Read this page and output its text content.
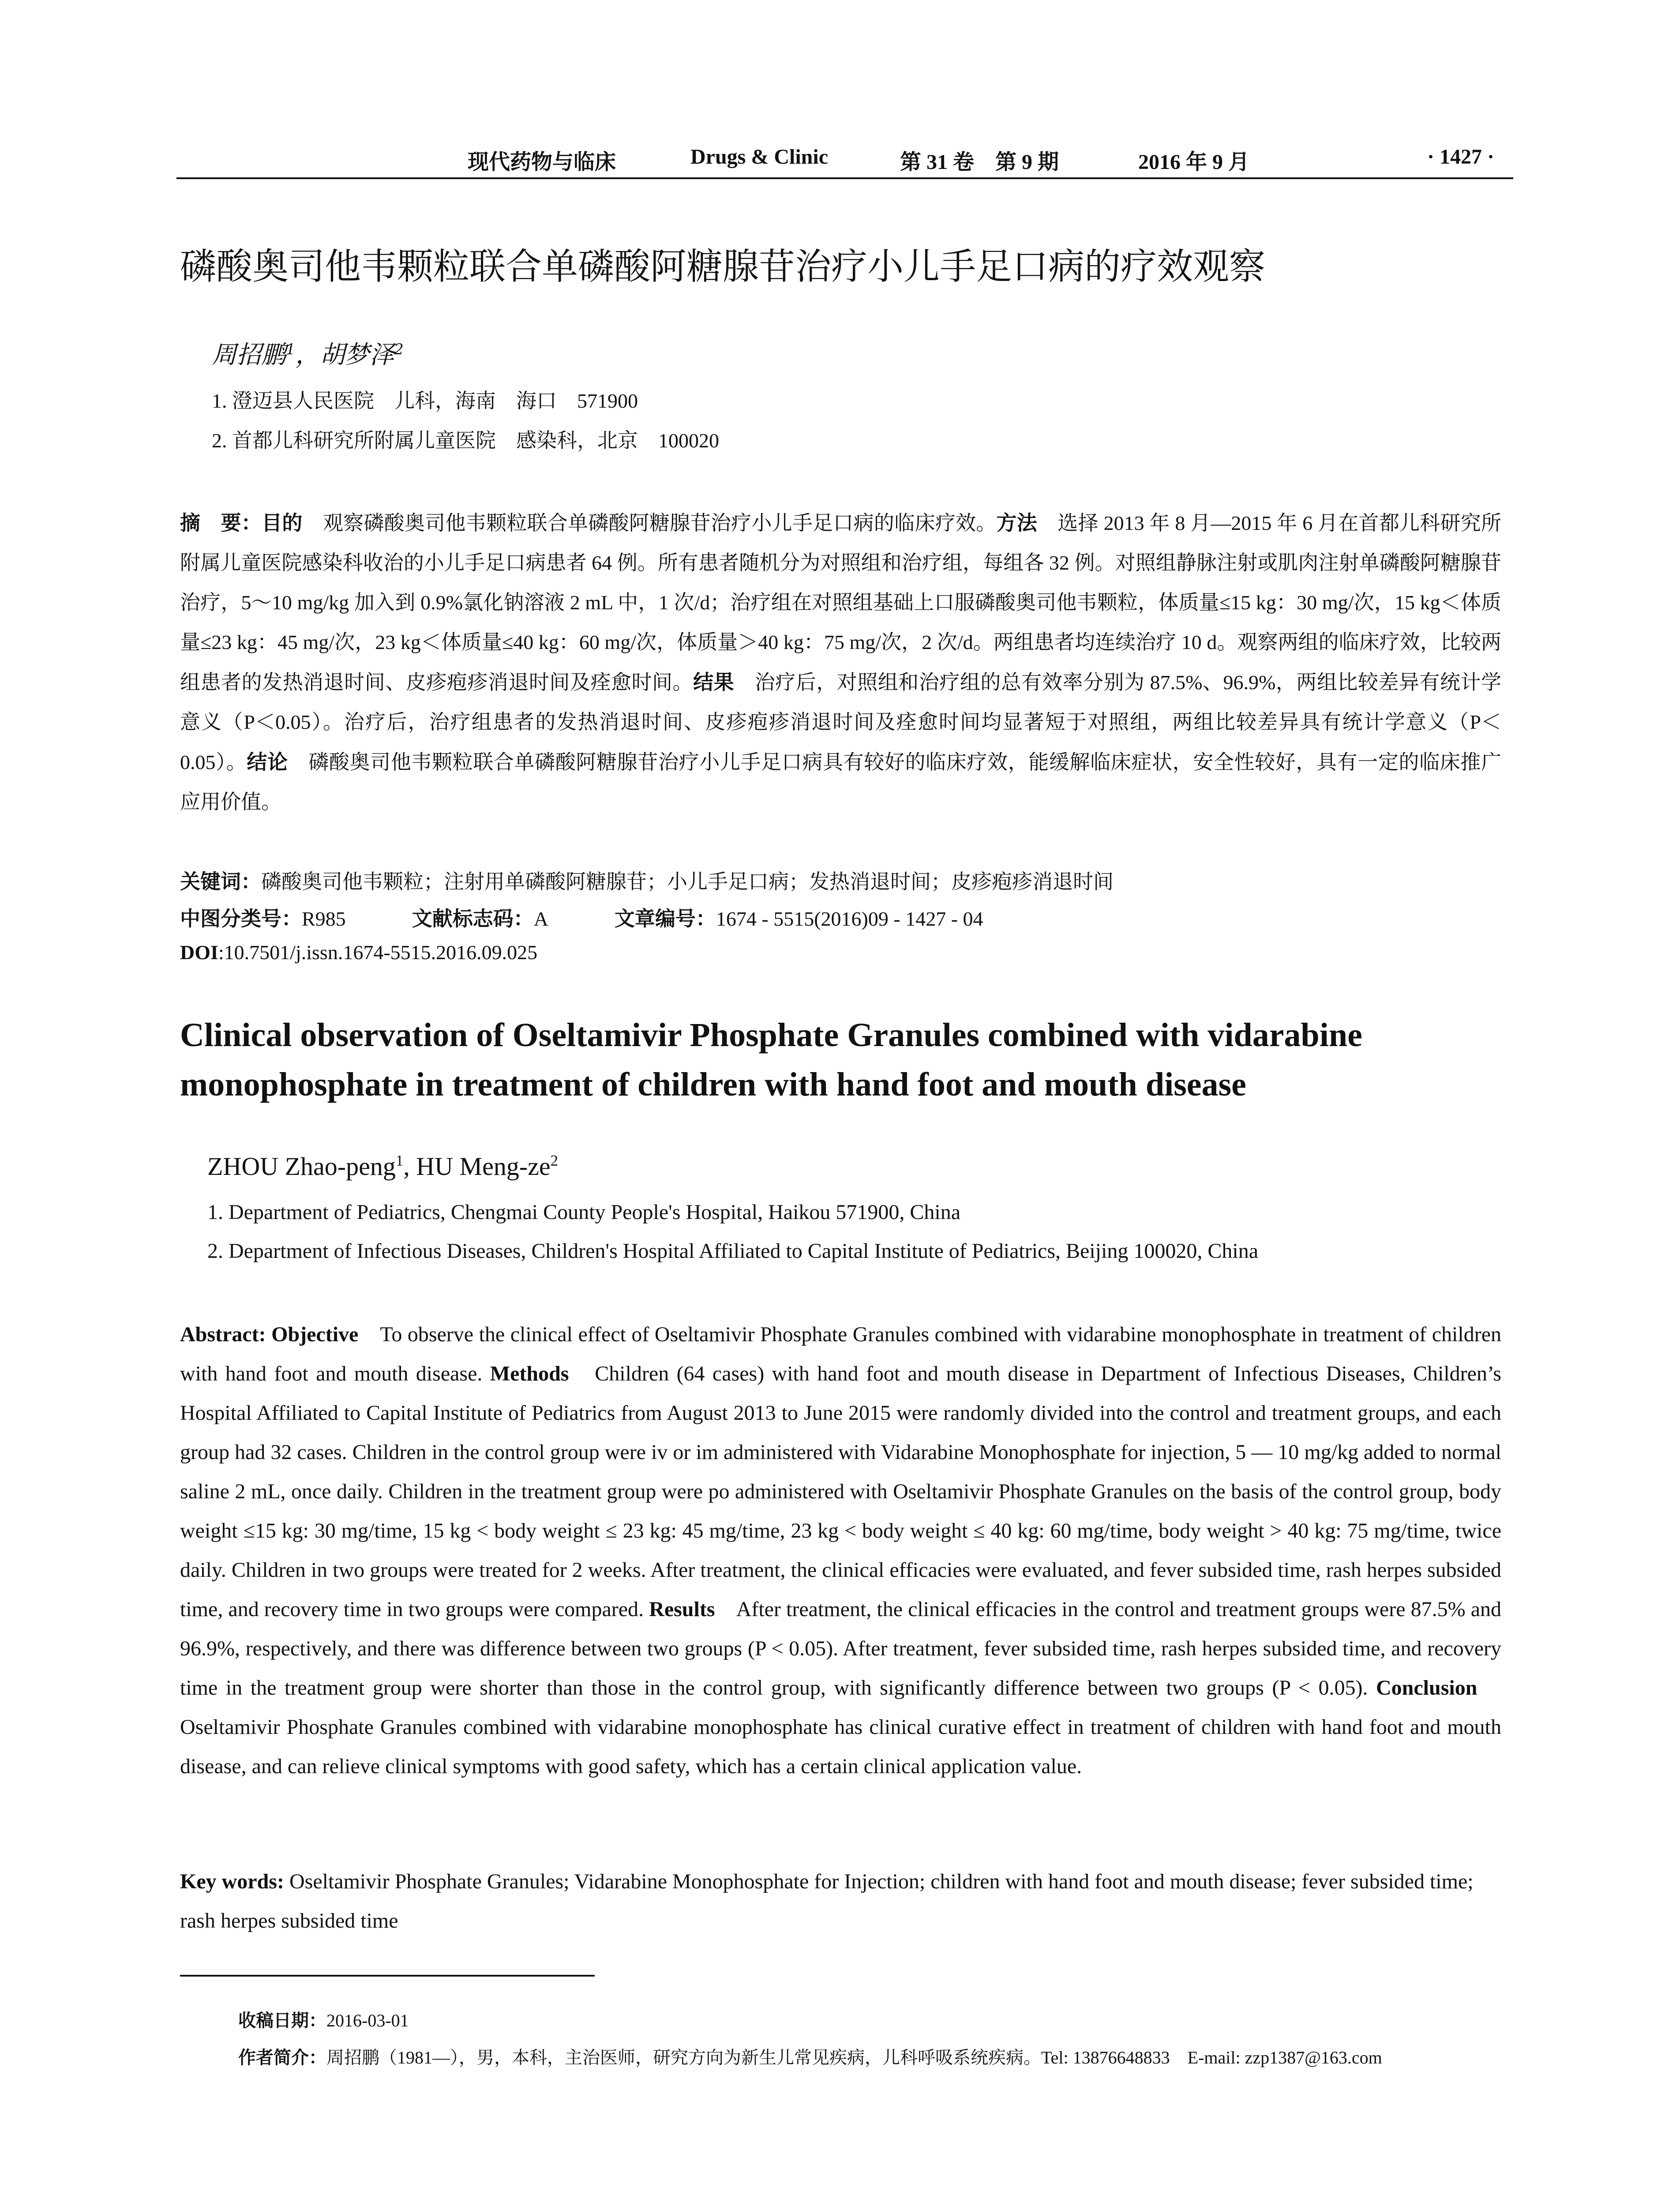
现代药物与临床	Drugs & Clinic	第 31 卷　第 9 期	2016 年 9 月	· 1427 ·
磷酸奥司他韦颗粒联合单磷酸阿糖腺苷治疗小儿手足口病的疗效观察
周招鹏$^1$，胡梦泽$^2$
1. 澄迈县人民医院　儿科，海南　海口　571900
2. 首都儿科研究所附属儿童医院　感染科，北京　100020
摘　要：目的　观察磷酸奥司他韦颗粒联合单磷酸阿糖腺苷治疗小儿手足口病的临床疗效。方法　选择 2013 年 8 月—2015 年 6 月在首都儿科研究所附属儿童医院感染科收治的小儿手足口病患者 64 例。所有患者随机分为对照组和治疗组，每组各 32 例。对照组静脉注射或肌肉注射单磷酸阿糖腺苷治疗，5～10 mg/kg 加入到 0.9%氯化钠溶液 2 mL 中，1 次/d；治疗组在对照组基础上口服磷酸奥司他韦颗粒，体质量≤15 kg：30 mg/次，15 kg＜体质量≤23 kg：45 mg/次，23 kg＜体质量≤40 kg：60 mg/次，体质量＞40 kg：75 mg/次，2 次/d。两组患者均连续治疗 10 d。观察两组的临床疗效，比较两组患者的发热消退时间、皮疹疱疹消退时间及痊愈时间。结果　治疗后，对照组和治疗组的总有效率分别为 87.5%、96.9%，两组比较差异有统计学意义（P＜0.05）。治疗后，治疗组患者的发热消退时间、皮疹疱疹消退时间及痊愈时间均显著短于对照组，两组比较差异具有统计学意义（P＜0.05）。结论　磷酸奥司他韦颗粒联合单磷酸阿糖腺苷治疗小儿手足口病具有较好的临床疗效，能缓解临床症状，安全性较好，具有一定的临床推广应用价值。
关键词：磷酸奥司他韦颗粒；注射用单磷酸阿糖腺苷；小儿手足口病；发热消退时间；皮疹疱疹消退时间
中图分类号：R985	文献标志码：A	文章编号：1674 - 5515(2016)09 - 1427 - 04
DOI:10.7501/j.issn.1674-5515.2016.09.025
Clinical observation of Oseltamivir Phosphate Granules combined with vidarabine monophosphate in treatment of children with hand foot and mouth disease
ZHOU Zhao-peng$^1$, HU Meng-$ze^2$
1. Department of Pediatrics, Chengmai County People's Hospital, Haikou 571900, China
2. Department of Infectious Diseases, Children's Hospital Affiliated to Capital Institute of Pediatrics, Beijing 100020, China
Abstract: Objective　To observe the clinical effect of Oseltamivir Phosphate Granules combined with vidarabine monophosphate in treatment of children with hand foot and mouth disease. Methods　Children (64 cases) with hand foot and mouth disease in Department of Infectious Diseases, Children’s Hospital Affiliated to Capital Institute of Pediatrics from August 2013 to June 2015 were randomly divided into the control and treatment groups, and each group had 32 cases. Children in the control group were iv or im administered with Vidarabine Monophosphate for injection, 5 — 10 mg/kg added to normal saline 2 mL, once daily. Children in the treatment group were po administered with Oseltamivir Phosphate Granules on the basis of the control group, body weight ≤15 kg: 30 mg/time, 15 kg < body weight ≤ 23 kg: 45 mg/time, 23 kg < body weight ≤ 40 kg: 60 mg/time, body weight > 40 kg: 75 mg/time, twice daily. Children in two groups were treated for 2 weeks. After treatment, the clinical efficacies were evaluated, and fever subsided time, rash herpes subsided time, and recovery time in two groups were compared. Results　After treatment, the clinical efficacies in the control and treatment groups were 87.5% and 96.9%, respectively, and there was difference between two groups (P < 0.05). After treatment, fever subsided time, rash herpes subsided time, and recovery time in the treatment group were shorter than those in the control group, with significantly difference between two groups (P < 0.05). Conclusion　Oseltamivir Phosphate Granules combined with vidarabine monophosphate has clinical curative effect in treatment of children with hand foot and mouth disease, and can relieve clinical symptoms with good safety, which has a certain clinical application value.
Key words: Oseltamivir Phosphate Granules; Vidarabine Monophosphate for Injection; children with hand foot and mouth disease; fever subsided time; rash herpes subsided time
收稿日期：2016-03-01
作者简介：周招鹏（1981—），男，本科，主治医师，研究方向为新生儿常见疾病，儿科呼吸系统疾病。Tel: 13876648833　E-mail: zzp1387@163.com
